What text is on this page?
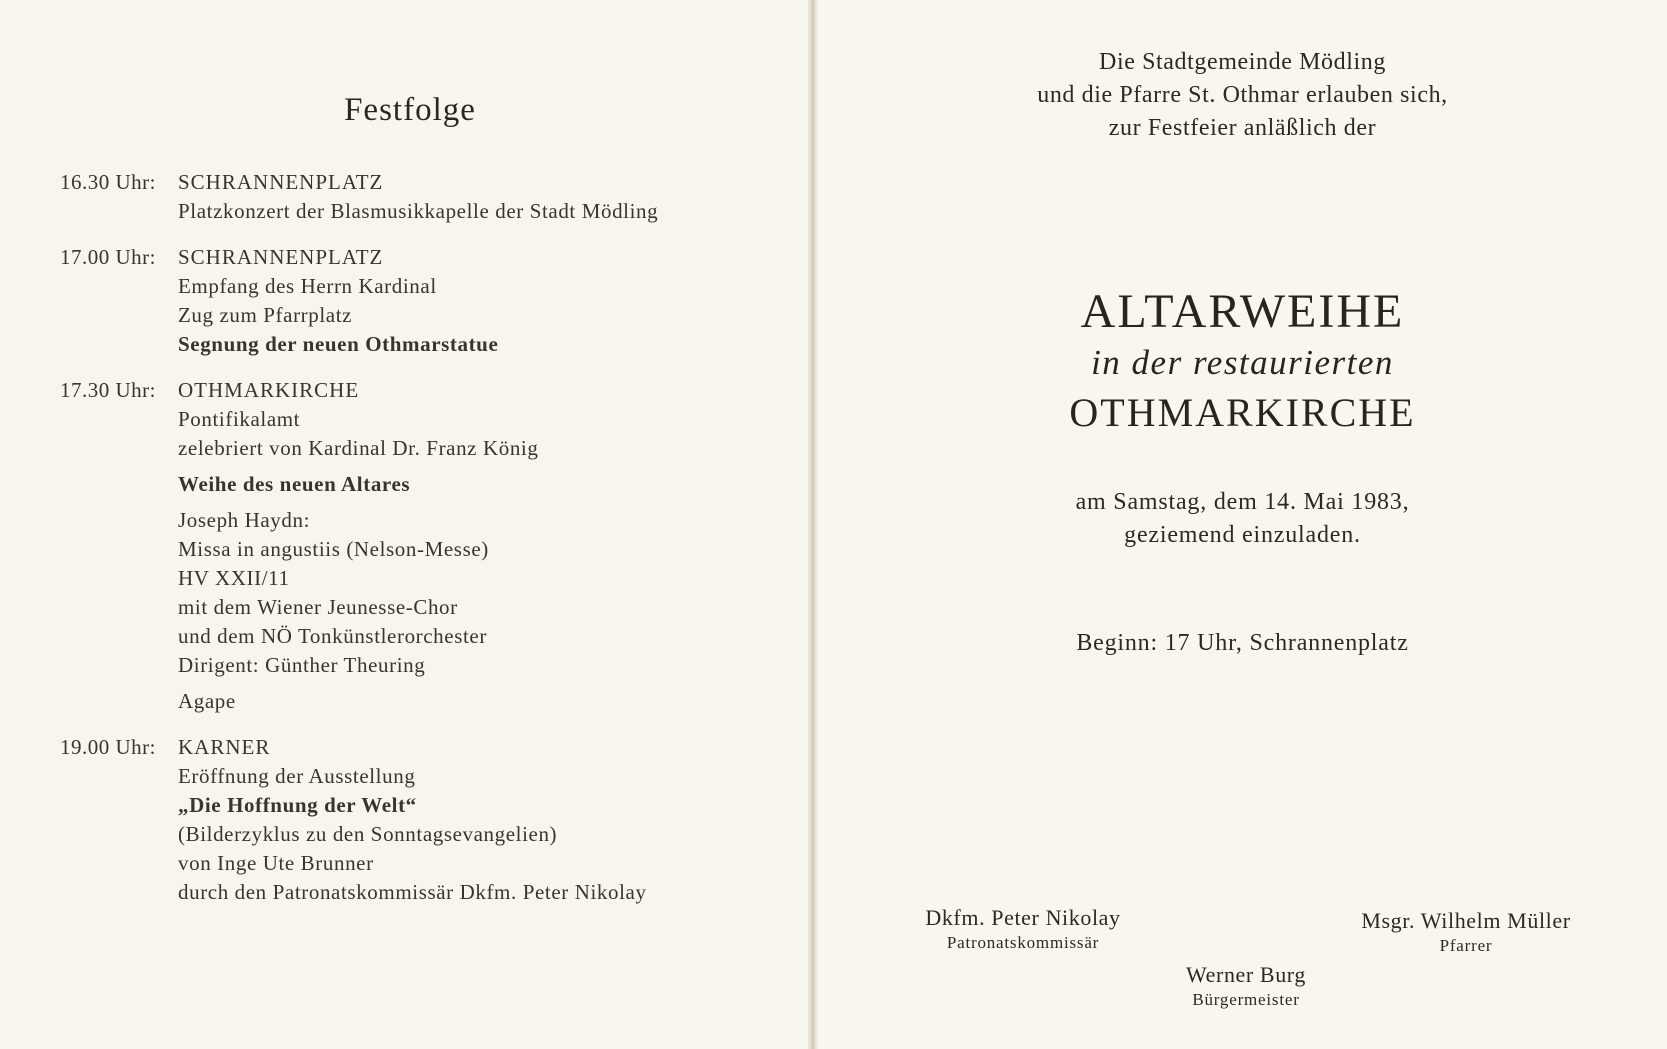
Festfolge
16.30 Uhr:	SCHRANNENPLATZ
Platzkonzert der Blasmusikkapelle der Stadt Mödling
17.00 Uhr:	SCHRANNENPLATZ
Empfang des Herrn Kardinal
Zug zum Pfarrplatz
Segnung der neuen Othmarstatue
17.30 Uhr:	OTHMARKIRCHE
Pontifikalamt
zelebriert von Kardinal Dr. Franz König
Weihe des neuen Altares
Joseph Haydn:
Missa in angustiis (Nelson-Messe)
HV XXII/11
mit dem Wiener Jeunesse-Chor
und dem NÖ Tonkünstlerorchester
Dirigent: Günther Theuring
Agape
19.00 Uhr:	KARNER
Eröffnung der Ausstellung
„Die Hoffnung der Welt“
(Bilderzyklus zu den Sonntagsevangelien)
von Inge Ute Brunner
durch den Patronatskommissär Dkfm. Peter Nikolay
Die Stadtgemeinde Mödling
und die Pfarre St. Othmar erlauben sich,
zur Festfeier anläßlich der
ALTARWEIHE
in der restaurierten
OTHMARKIRCHE
am Samstag, dem 14. Mai 1983,
geziemend einzuladen.
Beginn: 17 Uhr, Schrannenplatz
Dkfm. Peter Nikolay
Patronatskommissär
Msgr. Wilhelm Müller
Pfarrer
Werner Burg
Bürgermeister
